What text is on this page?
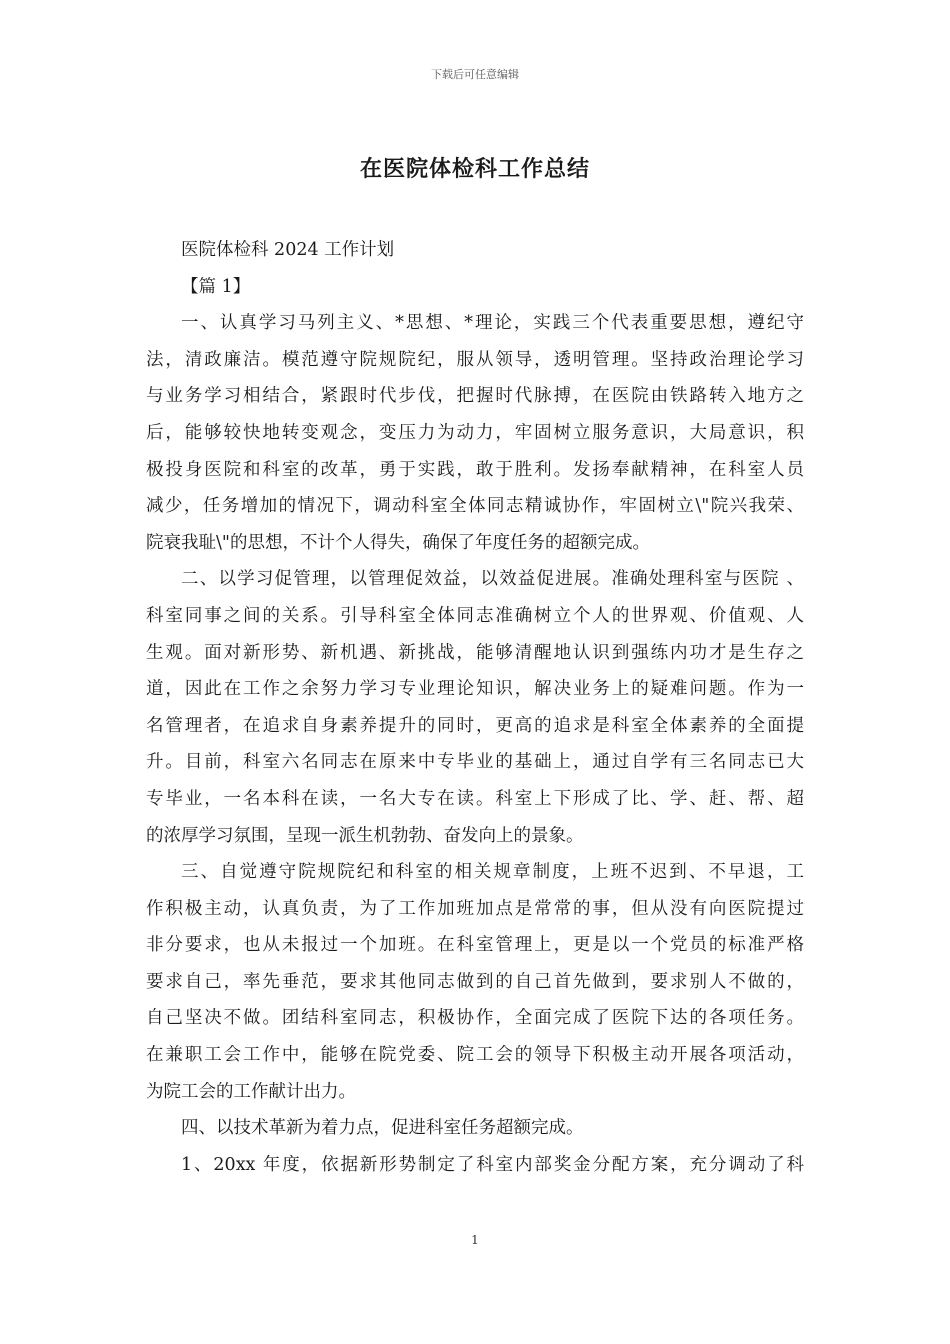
下载后可任意编辑
在医院体检科工作总结
医院体检科 2024 工作计划
【篇 1】
一、认真学习马列主义、*思想、*理论，实践三个代表重要思想，遵纪守
法，清政廉洁。模范遵守院规院纪，服从领导，透明管理。坚持政治理论学习
与业务学习相结合，紧跟时代步伐，把握时代脉搏，在医院由铁路转入地方之
后，能够较快地转变观念，变压力为动力，牢固树立服务意识，大局意识，积
极投身医院和科室的改革，勇于实践，敢于胜利。发扬奉献精神，在科室人员
减少，任务增加的情况下，调动科室全体同志精诚协作，牢固树立\"院兴我荣、
院衰我耻\"的思想，不计个人得失，确保了年度任务的超额完成。
二、以学习促管理，以管理促效益，以效益促进展。准确处理科室与医院 、
科室同事之间的关系。引导科室全体同志准确树立个人的世界观、价值观、人
生观。面对新形势、新机遇、新挑战，能够清醒地认识到强练内功才是生存之
道，因此在工作之余努力学习专业理论知识，解决业务上的疑难问题。作为一
名管理者，在追求自身素养提升的同时，更高的追求是科室全体素养的全面提
升。目前，科室六名同志在原来中专毕业的基础上，通过自学有三名同志已大
专毕业，一名本科在读，一名大专在读。科室上下形成了比、学、赶、帮、超
的浓厚学习氛围，呈现一派生机勃勃、奋发向上的景象。
三、自觉遵守院规院纪和科室的相关规章制度，上班不迟到、不早退，工
作积极主动，认真负责，为了工作加班加点是常常的事，但从没有向医院提过
非分要求，也从未报过一个加班。在科室管理上，更是以一个党员的标准严格
要求自己，率先垂范，要求其他同志做到的自己首先做到，要求别人不做的，
自己坚决不做。团结科室同志，积极协作，全面完成了医院下达的各项任务。
在兼职工会工作中，能够在院党委、院工会的领导下积极主动开展各项活动，
为院工会的工作献计出力。
四、以技术革新为着力点，促进科室任务超额完成。
1、20xx 年度，依据新形势制定了科室内部奖金分配方案，充分调动了科
1
